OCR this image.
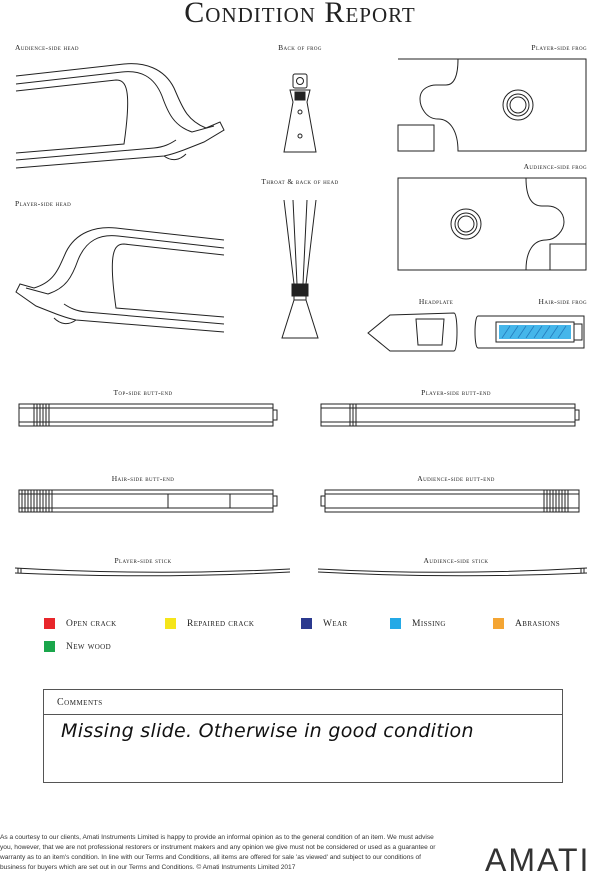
Condition Report
Audience-side head	Back of frog	Player-side frog
Audience-side frog
Throat & back of head
Player-side head
Headplate	Hair-side frog
Top-side butt-end	Player-side butt-end
Hair-side butt-end	Audience-side butt-end
Player-side stick	Audience-side stick
Open crack	Repaired crack	Wear	Missing	Abrasions
New wood
Comments
Missing slide. Otherwise in good condition
As a courtesy to our clients, Amati Instruments Limited is happy to provide an informal opinion as to the general condition of an item. We must advise you, however, that we are not professional restorers or instrument makers and any opinion we give must not be considered or used as a guarantee or warranty as to an item's condition. In line with our Terms and Conditions, all items are offered for sale 'as viewed' and subject to our conditions of business for buyers which are set out in our Terms and Conditions. © Amati Instruments Limited 2017	AMATI
